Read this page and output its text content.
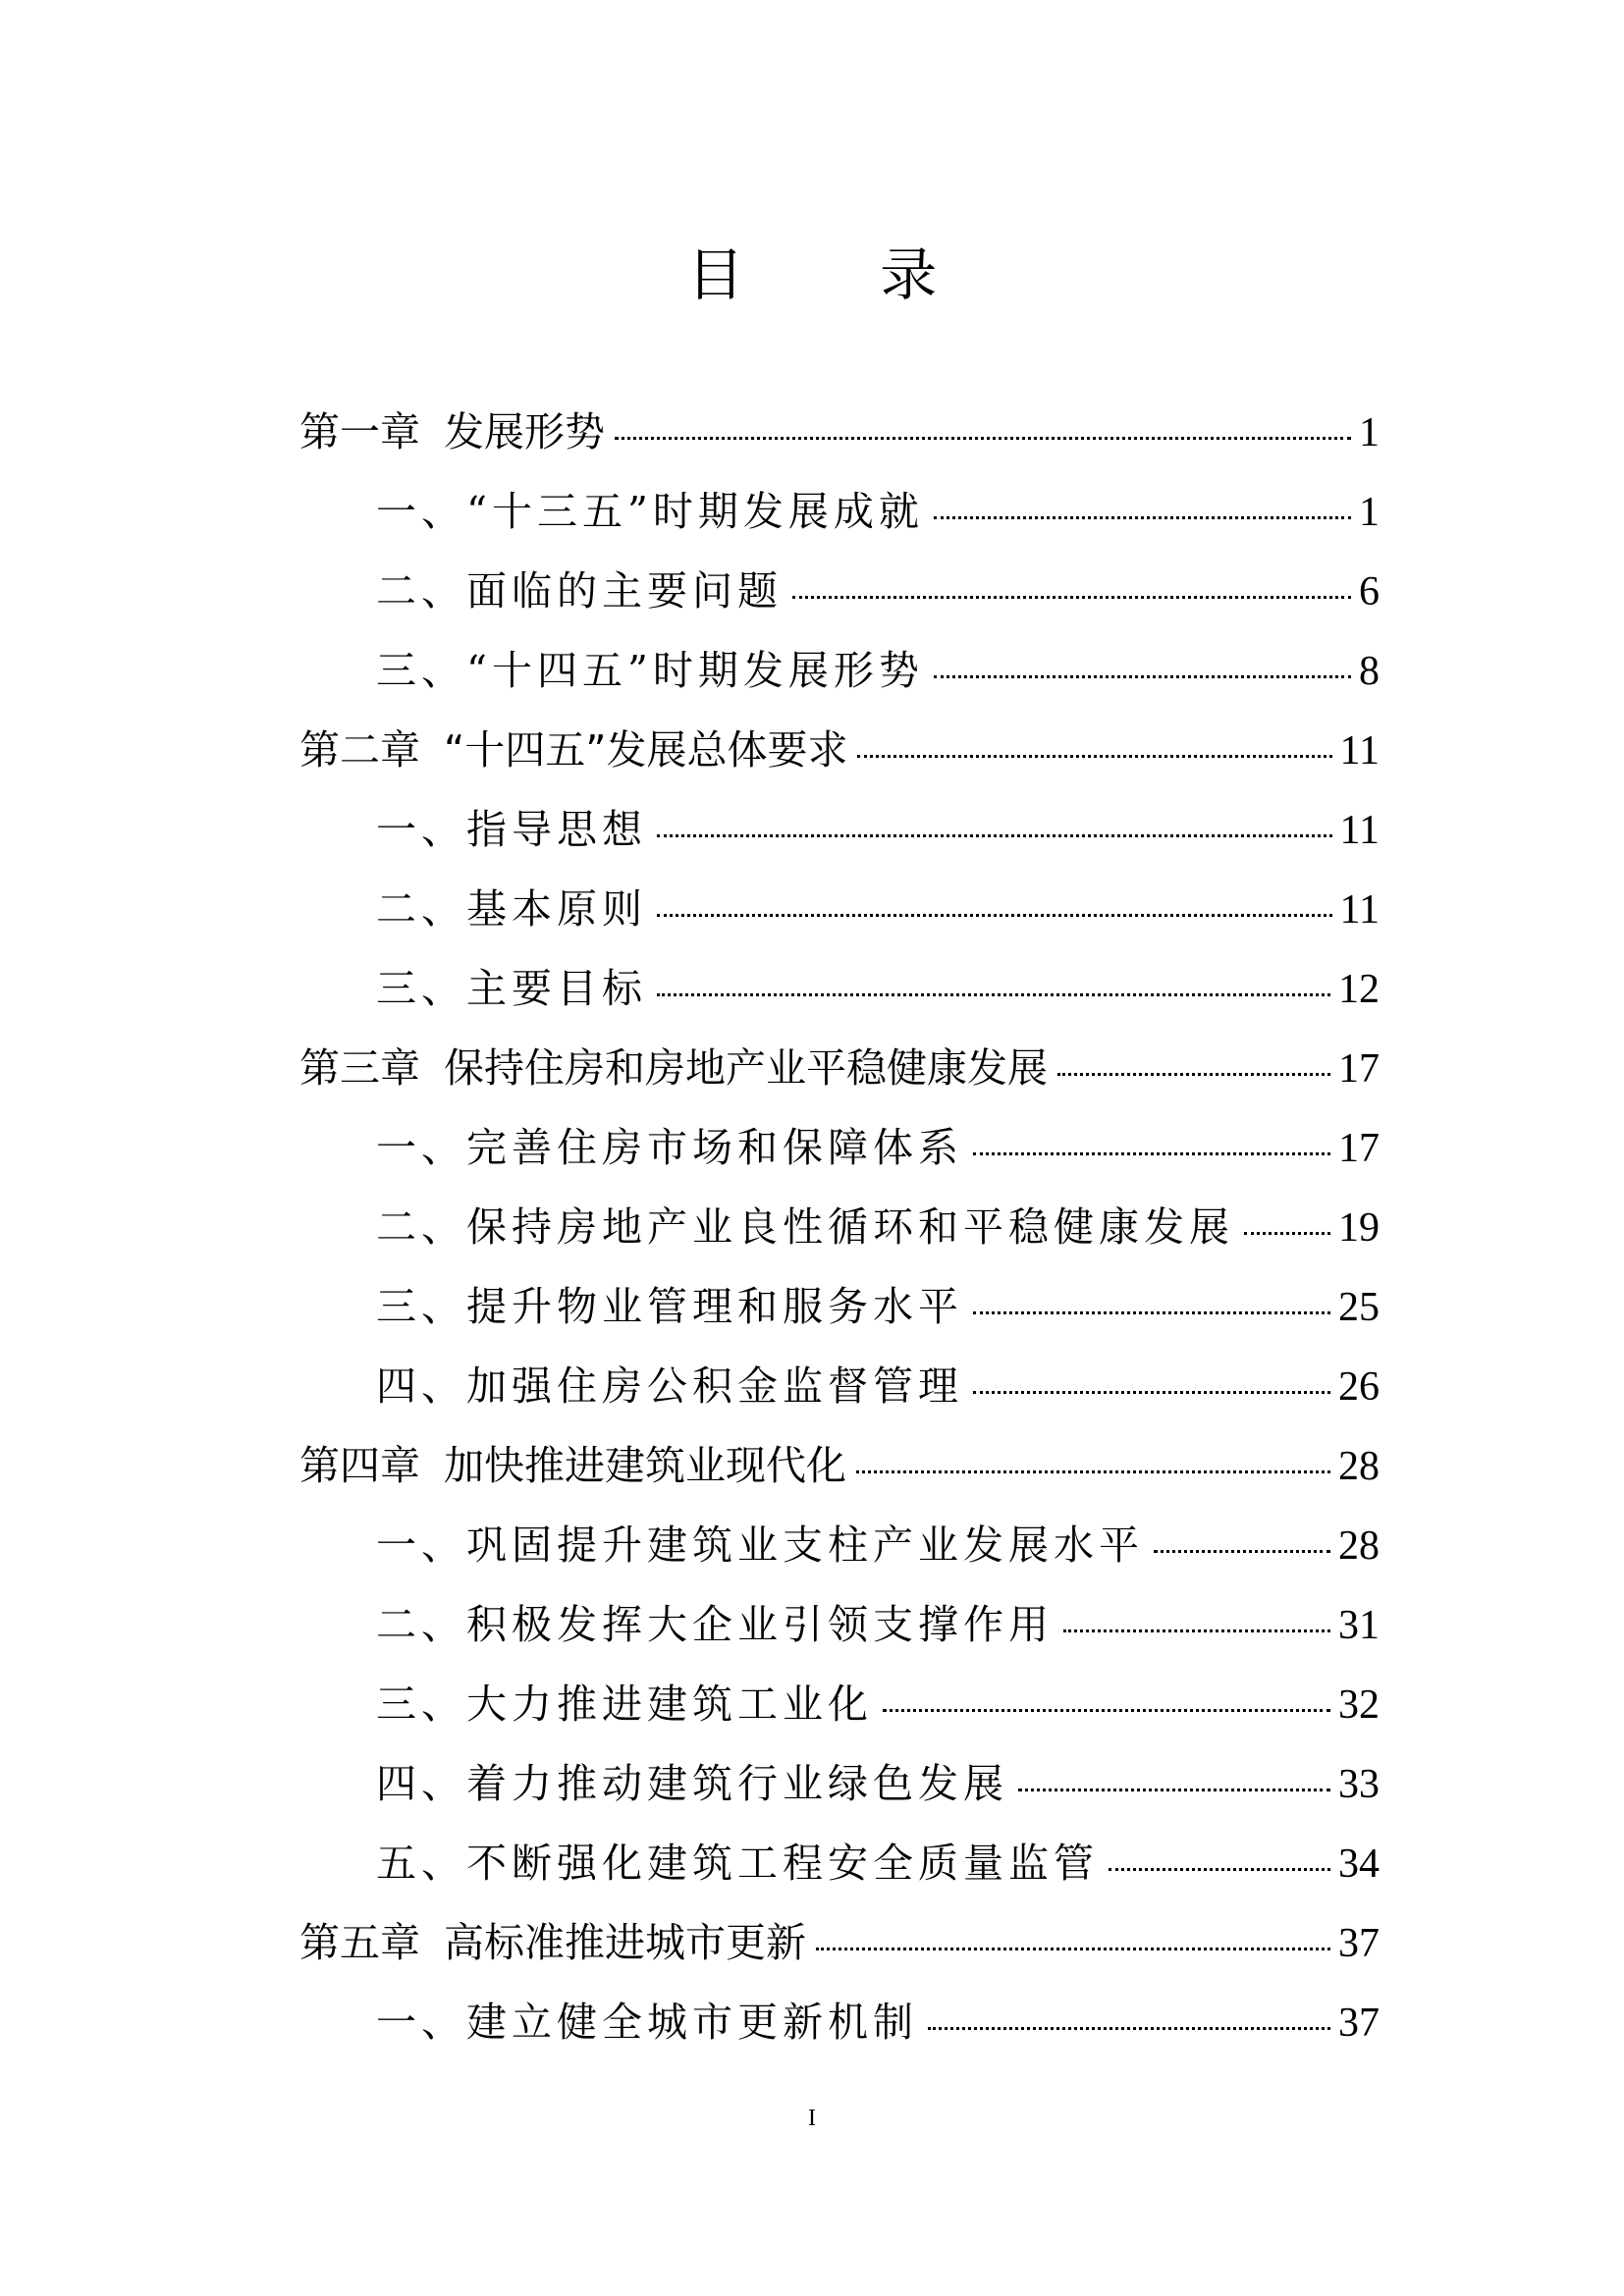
目 录
第一章 发展形势	1
一、“十三五”时期发展成就	1
二、面临的主要问题	6
三、“十四五”时期发展形势	8
第二章 “十四五”发展总体要求	11
一、指导思想	11
二、基本原则	11
三、主要目标	12
第三章 保持住房和房地产业平稳健康发展	17
一、完善住房市场和保障体系	17
二、保持房地产业良性循环和平稳健康发展	19
三、提升物业管理和服务水平	25
四、加强住房公积金监督管理	26
第四章 加快推进建筑业现代化	28
一、巩固提升建筑业支柱产业发展水平	28
二、积极发挥大企业引领支撑作用	31
三、大力推进建筑工业化	32
四、着力推动建筑行业绿色发展	33
五、不断强化建筑工程安全质量监管	34
第五章 高标准推进城市更新	37
一、建立健全城市更新机制	37
I
